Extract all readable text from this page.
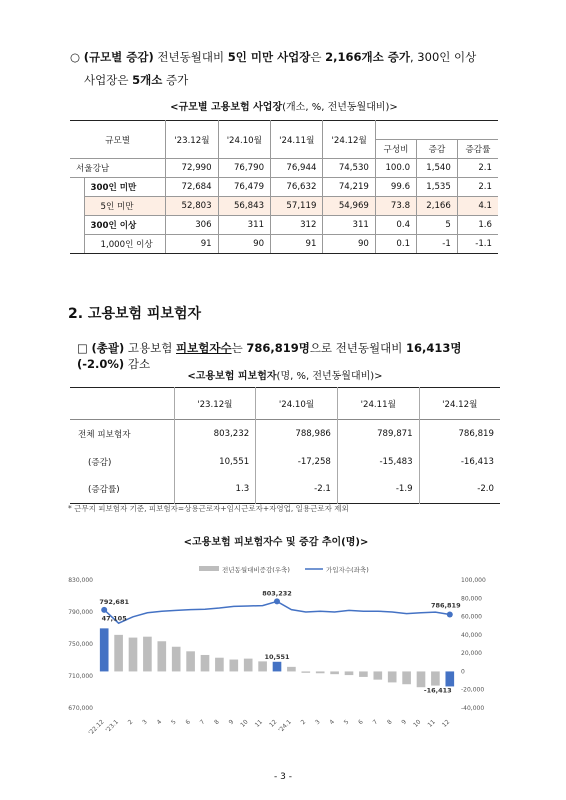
○ (규모별 증감) 전년동월대비 5인 미만 사업장은 2,166개소 증가, 300인 이상
사업장은 5개소 증가
<규모별 고용보험 사업장(개소, %, 전년동월대비)>
규모별		'23.12월	'24.10월	'24.11월	'24.12월			
						구성비	증감	증감률
서울강남		72,990	76,790	76,944	74,530	100.0	1,540	2.1
	300인 미만	72,684	76,479	76,632	74,219	99.6	1,535	2.1
	5인 미만	52,803	56,843	57,119	54,969	73.8	2,166	4.1
	300인 이상	306	311	312	311	0.4	5	1.6
	1,000인 이상	91	90	91	90	0.1	-1	-1.1
2. 고용보험 피보험자
□ (총괄) 고용보험 피보험자수는 786,819명으로 전년동월대비 16,413명(-2.0%) 감소
<고용보험 피보험자(명, %, 전년동월대비)>
	'23.12월	'24.10월	'24.11월	'24.12월
전체 피보험자	803,232	788,986	789,871	786,819
(증감)	10,551	-17,258	-15,483	-16,413
(증감률)	1.3	-2.1	-1.9	-2.0
* 근무지 피보험자 기준, 피보험자=상용근로자+임시근로자+자영업, 일용근로자 제외
<고용보험 피보험자수 및 증감 추이(명)>
전년동월대비증감(우축)	가입자수(좌축)
830,000
790,000
750,000
710,000
670,000
100,000
80,000
60,000
40,000
20,000
0
-20,000
-40,000
'22.12
'23.1 2 3 4 5 6 7 8 9 10 11 12
'24.1 2 3 4 5 6 7 8 9 10 11 12
792,681
47,105
803,232
10,551
786,819
-16,413
- 3 -
